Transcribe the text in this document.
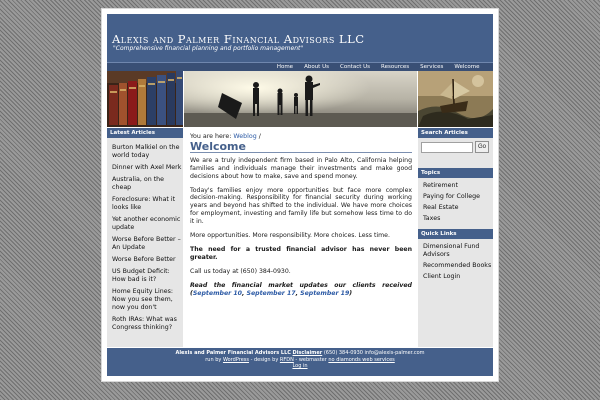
Alexis and Palmer Financial Advisors LLC
"Comprehensive financial planning and portfolio management"
Home	About Us	Contact Us	Resources	Services	Welcome
Latest Articles
Burton Malkiel on the world today
Dinner with Axel Merk
Australia, on the cheap
Foreclosure: What it looks like
Yet another economic update
Worse Before Better – An Update
Worse Before Better
US Budget Deficit: How bad is it?
Home Equity Lines: Now you see them, now you don't
Roth IRAs: What was Congress thinking?
You are here: Weblog /
Welcome

We are a truly independent firm based in Palo Alto, California helping families and individuals manage their investments and make good decisions about how to make, save and spend money.

Today's families enjoy more opportunities but face more complex decision-making. Responsibility for financial security during working years and beyond has shifted to the individual. We have more choices for employment, investing and family life but somehow less time to do it in.

More opportunities. More responsibility. More choices. Less time.

The need for a trusted financial advisor has never been greater.

Call us today at (650) 384-0930.

Read the financial market updates our clients received (September 10, September 17, September 19)

Search Articles
Go
Topics
Retirement
Paying for College
Real Estate
Taxes
Quick Links
Dimensional Fund Advisors
Recommended Books
Client Login
Alexis and Palmer Financial Advisors LLC Disclaimer (650) 384-0930 info@alexis-palmer.com
run by WordPress - design by RFDN - webmaster no diamonds web services
Log in
